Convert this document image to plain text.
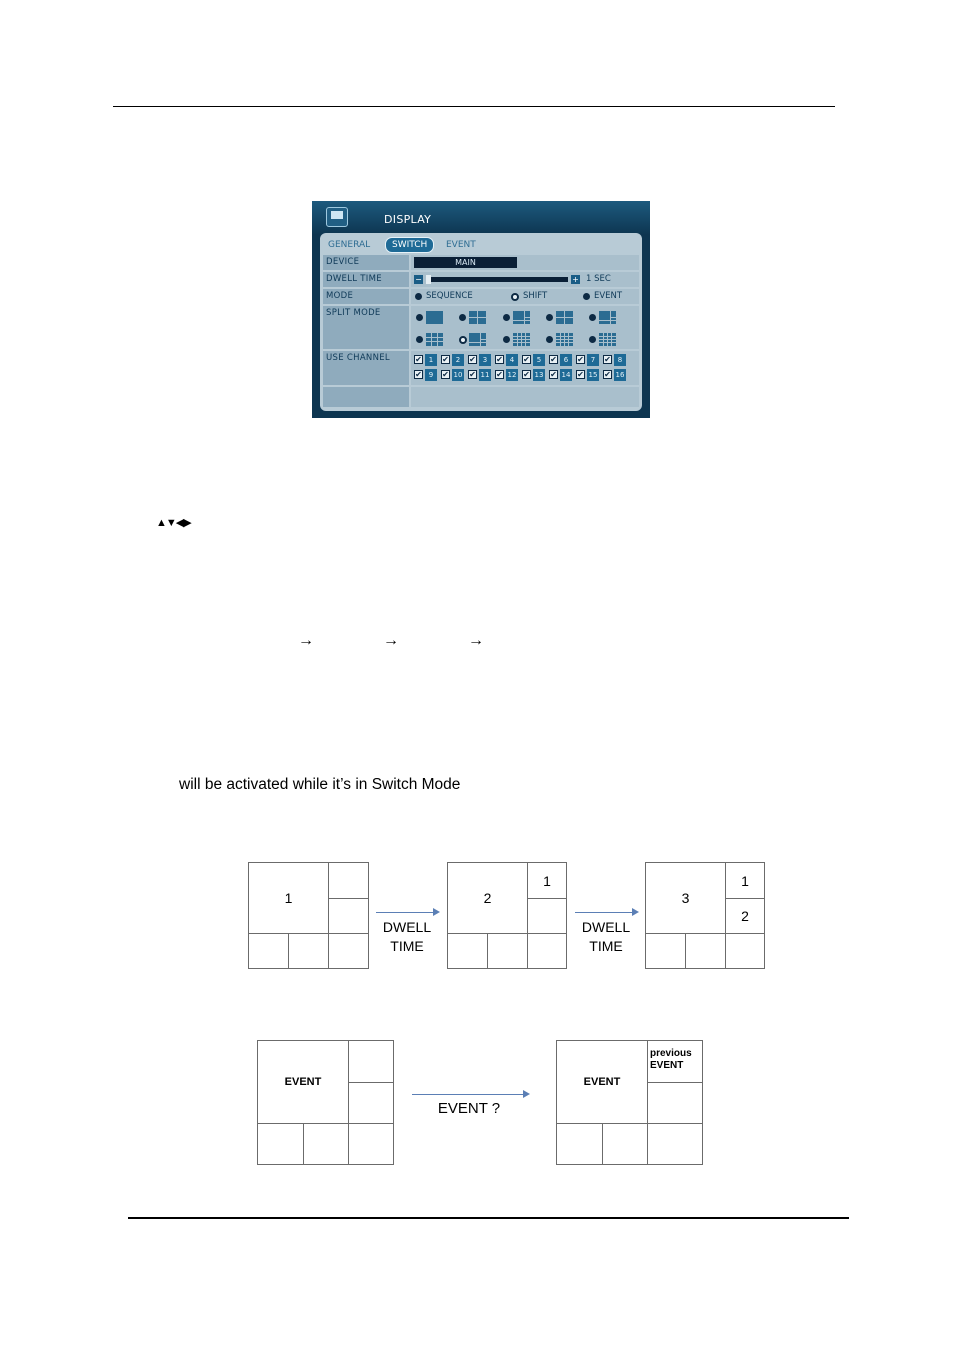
DISPLAY
GENERAL	SWITCH	EVENT
DEVICE	MAIN
DWELL TIME	−	+ 1 SEC
MODE	SEQUENCE	SHIFT	EVENT
SPLIT MODE
USE CHANNEL	✔ 1	✔ 2	✔ 3	✔ 4	✔ 5	✔ 6	✔ 7	✔ 8
✔ 9	✔ 10 ✔ 11 ✔ 12 ✔ 13 ✔ 14 ✔ 15 ✔ 16
▲▼◀▶
→	→	→
will be activated while it’s in Switch Mode
1
DWELL
TIME
2
1
DWELL
TIME
3
1
2
EVENT
EVENT ?
EVENT
previous
EVENT
